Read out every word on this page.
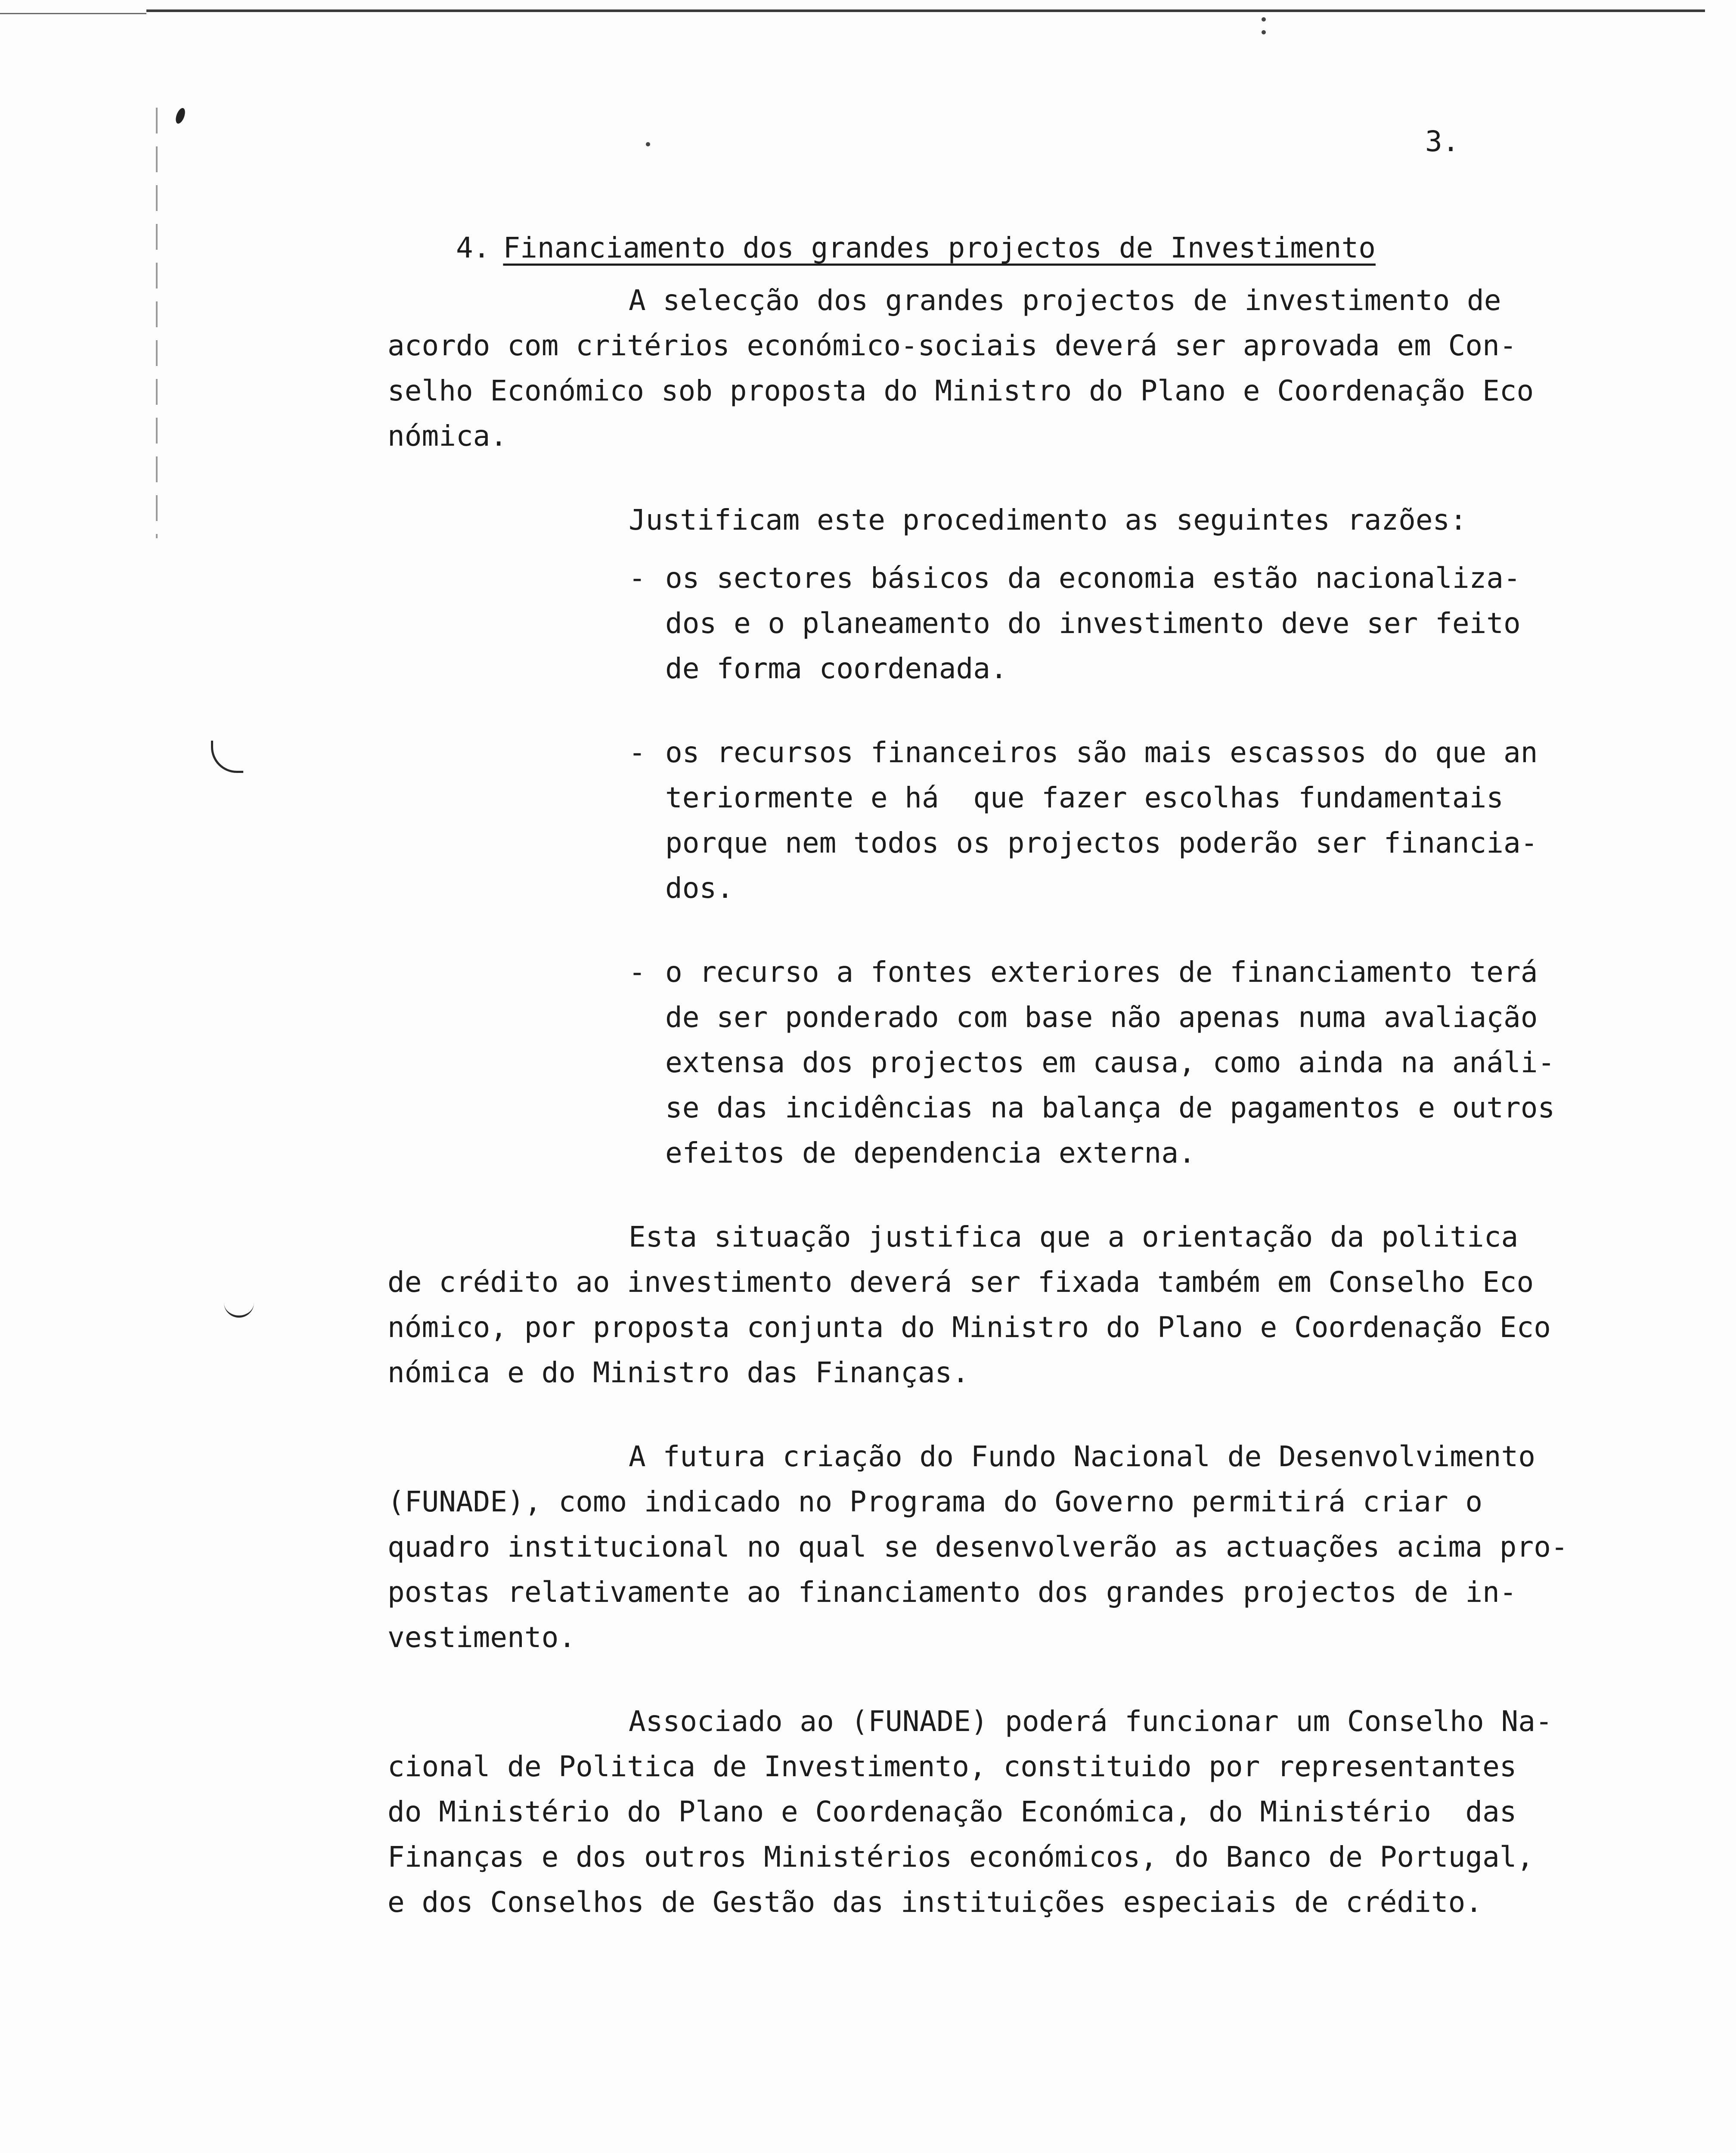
3.

4. Financiamento dos grandes projectos de Investimento

A selecção dos grandes projectos de investimento de
acordo com critérios económico-sociais deverá ser aprovada em Con-
selho Económico sob proposta do Ministro do Plano e Coordenação Eco
nómica.
Justificam este procedimento as seguintes razões:
- os sectores básicos da economia estão nacionaliza-
dos e o planeamento do investimento deve ser feito
de forma coordenada.
- os recursos financeiros são mais escassos do que an
teriormente e há  que fazer escolhas fundamentais
porque nem todos os projectos poderão ser financia-
dos.
- o recurso a fontes exteriores de financiamento terá
de ser ponderado com base não apenas numa avaliação
extensa dos projectos em causa, como ainda na análi-
se das incidências na balança de pagamentos e outros
efeitos de dependencia externa.
Esta situação justifica que a orientação da politica
de crédito ao investimento deverá ser fixada também em Conselho Eco
nómico, por proposta conjunta do Ministro do Plano e Coordenação Eco
nómica e do Ministro das Finanças.
A futura criação do Fundo Nacional de Desenvolvimento
(FUNADE), como indicado no Programa do Governo permitirá criar o
quadro institucional no qual se desenvolverão as actuações acima pro-
postas relativamente ao financiamento dos grandes projectos de in-
vestimento.
Associado ao (FUNADE) poderá funcionar um Conselho Na-
cional de Politica de Investimento, constituido por representantes
do Ministério do Plano e Coordenação Económica, do Ministério  das
Finanças e dos outros Ministérios económicos, do Banco de Portugal,
e dos Conselhos de Gestão das instituições especiais de crédito.
